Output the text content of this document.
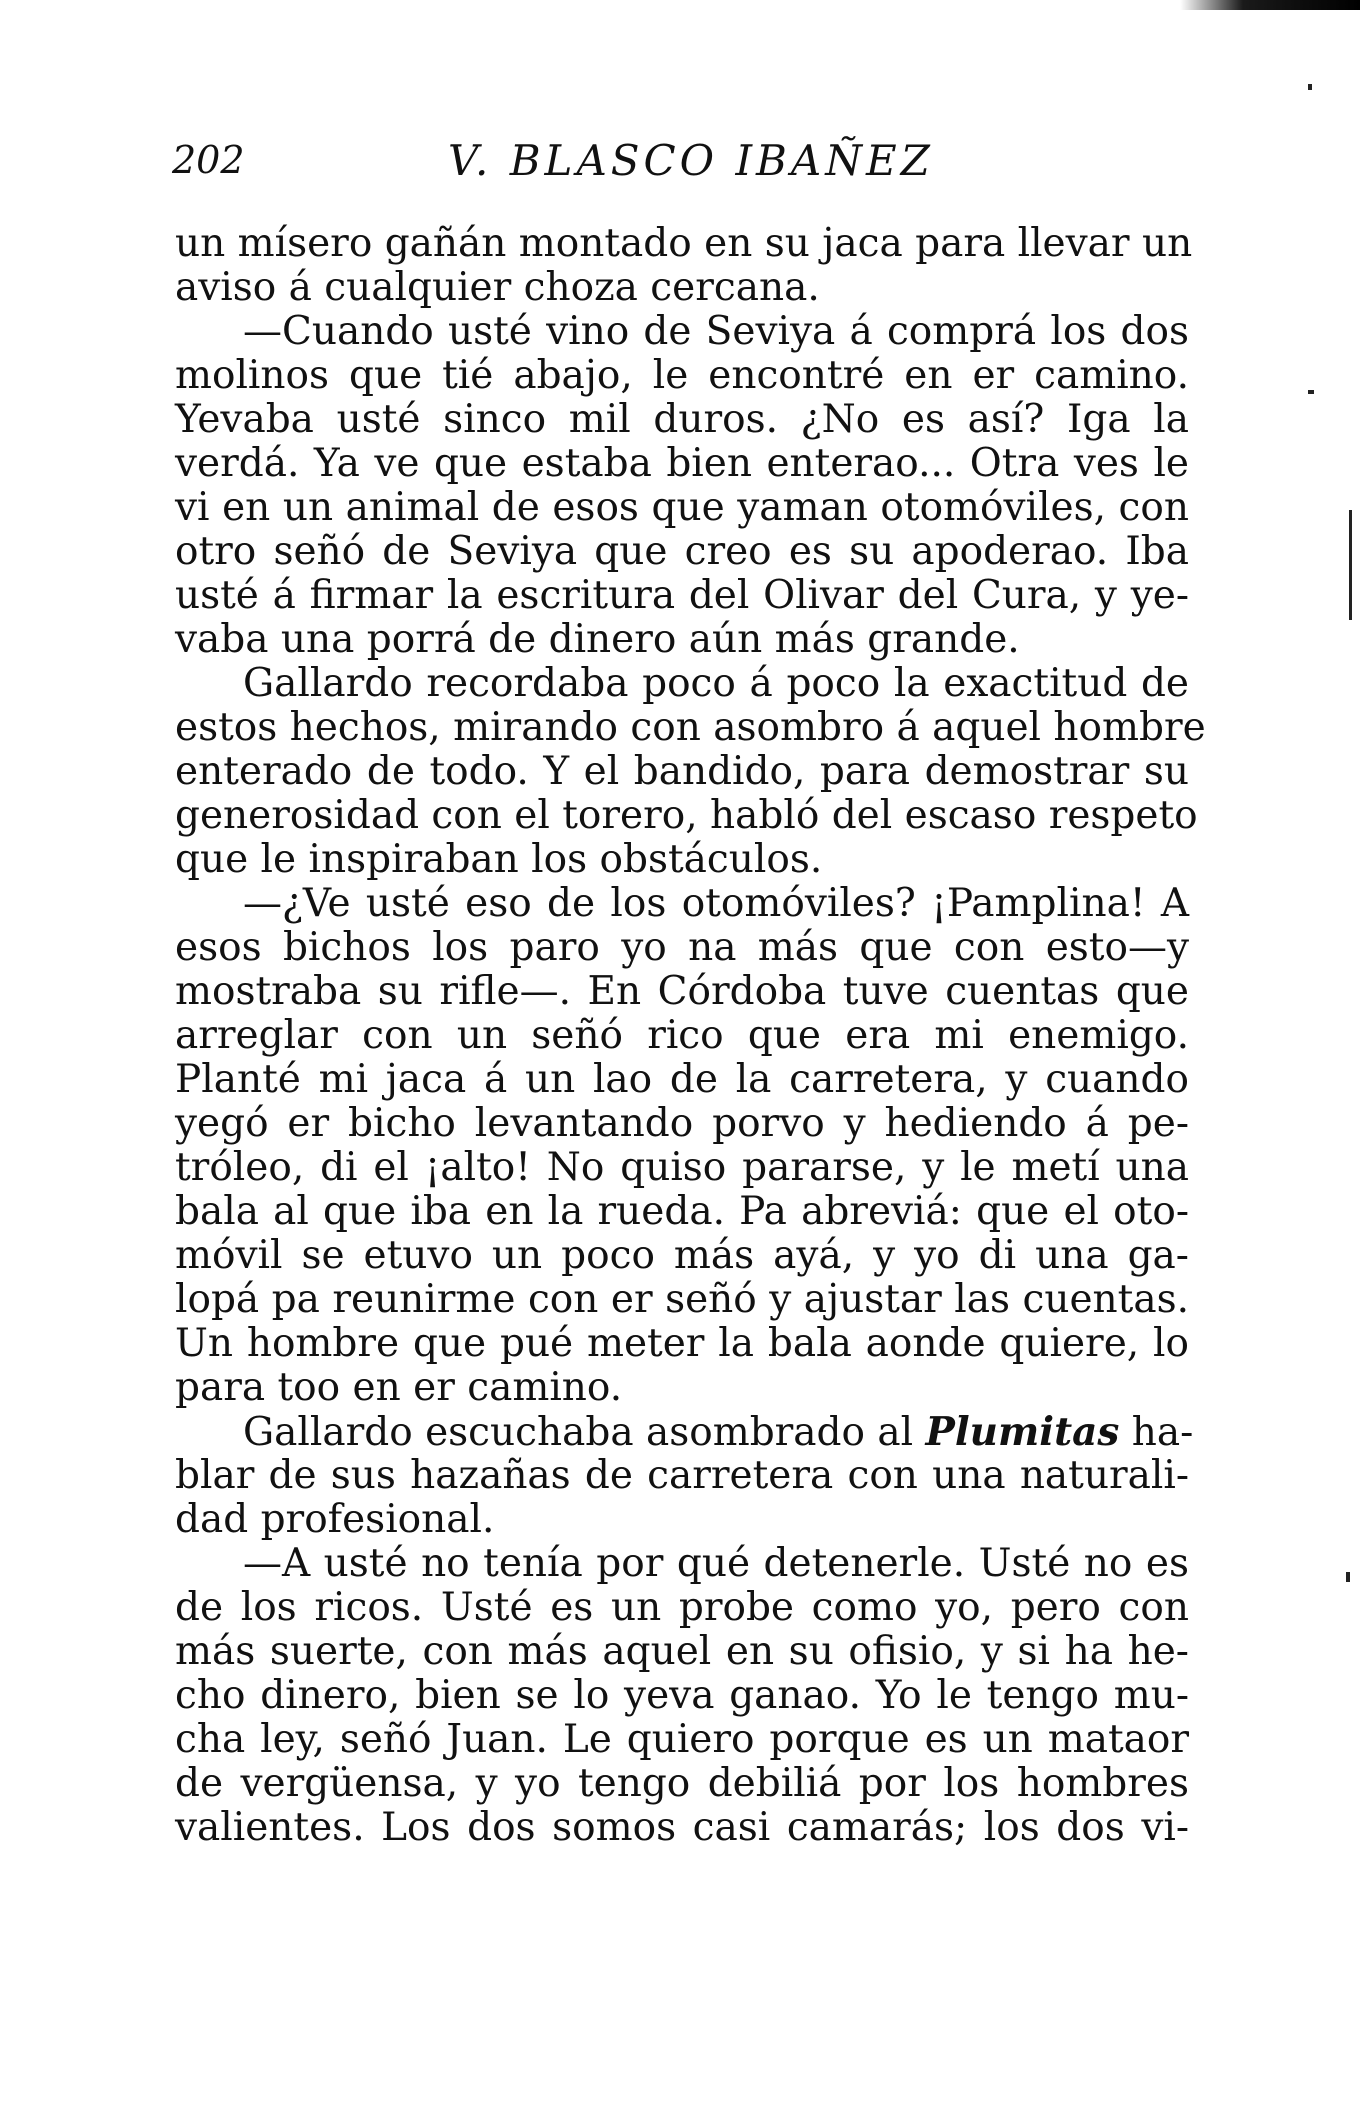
202	V. BLASCO IBAÑEZ
un mísero gañán montado en su jaca para llevar un
aviso á cualquier choza cercana.
—Cuando usté vino de Seviya á comprá los dos
molinos que tié abajo, le encontré en er camino.
Yevaba usté sinco mil duros. ¿No es así? Iga la
verdá. Ya ve que estaba bien enterao... Otra ves le
vi en un animal de esos que yaman otomóviles, con
otro señó de Seviya que creo es su apoderao. Iba
usté á firmar la escritura del Olivar del Cura, y ye-
vaba una porrá de dinero aún más grande.
Gallardo recordaba poco á poco la exactitud de
estos hechos, mirando con asombro á aquel hombre
enterado de todo. Y el bandido, para demostrar su
generosidad con el torero, habló del escaso respeto
que le inspiraban los obstáculos.
—¿Ve usté eso de los otomóviles? ¡Pamplina! A
esos bichos los paro yo na más que con esto—y
mostraba su rifle—. En Córdoba tuve cuentas que
arreglar con un señó rico que era mi enemigo.
Planté mi jaca á un lao de la carretera, y cuando
yegó er bicho levantando porvo y hediendo á pe-
tróleo, di el ¡alto! No quiso pararse, y le metí una
bala al que iba en la rueda. Pa abreviá: que el oto-
móvil se etuvo un poco más ayá, y yo di una ga-
lopá pa reunirme con er señó y ajustar las cuentas.
Un hombre que pué meter la bala aonde quiere, lo
para too en er camino.
Gallardo escuchaba asombrado al Plumitas ha-
blar de sus hazañas de carretera con una naturali-
dad profesional.
—A usté no tenía por qué detenerle. Usté no es
de los ricos. Usté es un probe como yo, pero con
más suerte, con más aquel en su ofisio, y si ha he-
cho dinero, bien se lo yeva ganao. Yo le tengo mu-
cha ley, señó Juan. Le quiero porque es un mataor
de vergüensa, y yo tengo debiliá por los hombres
valientes. Los dos somos casi camarás; los dos vi-
